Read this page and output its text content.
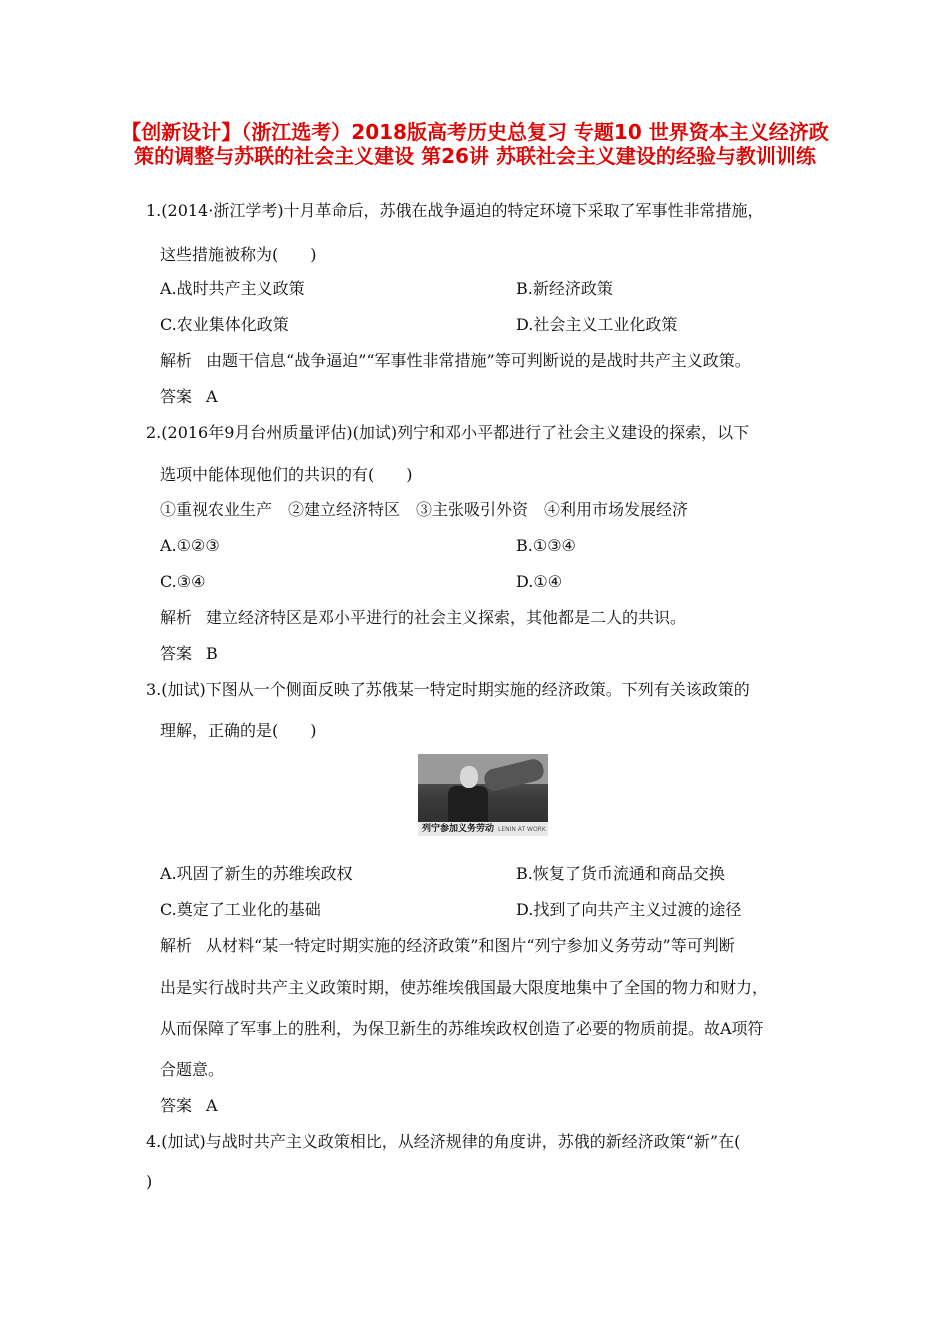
【创新设计】（浙江选考）2018版高考历史总复习 专题10 世界资本主义经济政策的调整与苏联的社会主义建设 第26讲 苏联社会主义建设的经验与教训训练
1.(2014·浙江学考)十月革命后，苏俄在战争逼迫的特定环境下采取了军事性非常措施，
这些措施被称为(　　)
A.战时共产主义政策	B.新经济政策
C.农业集体化政策	D.社会主义工业化政策
解析 由题干信息“战争逼迫”“军事性非常措施”等可判断说的是战时共产主义政策。
答案 A
2.(2016年9月台州质量评估)(加试)列宁和邓小平都进行了社会主义建设的探索，以下
选项中能体现他们的共识的有(　　)
①重视农业生产　②建立经济特区　③主张吸引外资　④利用市场发展经济
A.①②③	B.①③④
C.③④	D.①④
解析 建立经济特区是邓小平进行的社会主义探索，其他都是二人的共识。
答案 B
3.(加试)下图从一个侧面反映了苏俄某一特定时期实施的经济政策。下列有关该政策的
理解，正确的是(　　)
列宁参加义务劳动 LENIN AT WORK
A.巩固了新生的苏维埃政权	B.恢复了货币流通和商品交换
C.奠定了工业化的基础	D.找到了向共产主义过渡的途径
解析 从材料“某一特定时期实施的经济政策”和图片“列宁参加义务劳动”等可判断
出是实行战时共产主义政策时期，使苏维埃俄国最大限度地集中了全国的物力和财力，
从而保障了军事上的胜利，为保卫新生的苏维埃政权创造了必要的物质前提。故A项符
合题意。
答案 A
4.(加试)与战时共产主义政策相比，从经济规律的角度讲，苏俄的新经济政策“新”在(
)
